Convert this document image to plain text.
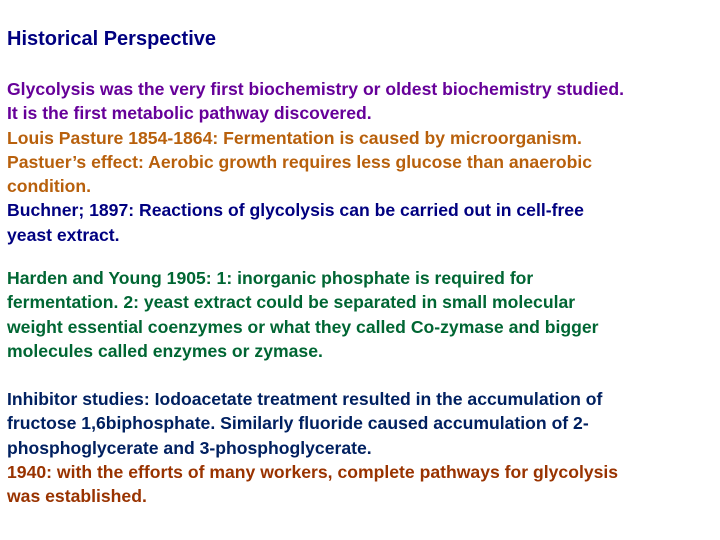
Historical Perspective
Glycolysis was the very first biochemistry or oldest biochemistry studied.
It is the first metabolic pathway discovered.
Louis Pasture 1854-1864: Fermentation is caused by microorganism.
Pastuer’s effect: Aerobic growth requires less glucose than anaerobic
condition.
Buchner; 1897: Reactions of glycolysis can be carried out in cell-free
yeast extract.
Harden and Young 1905: 1: inorganic phosphate is required for
fermentation. 2: yeast extract could be separated in small molecular
weight essential coenzymes or what they called Co-zymase and bigger
molecules called enzymes or zymase.
Inhibitor studies: Iodoacetate treatment resulted in the accumulation of
fructose 1,6biphosphate. Similarly fluoride caused accumulation of 2-
phosphoglycerate and 3-phosphoglycerate.
1940: with the efforts of many workers, complete pathways for glycolysis
was established.
